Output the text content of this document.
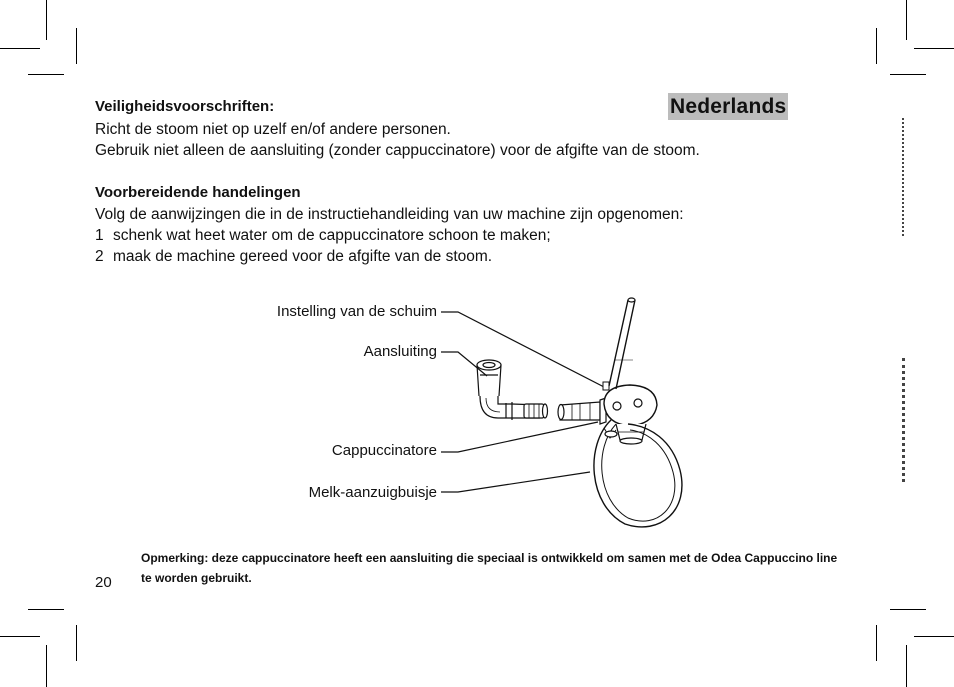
Veiligheidsvoorschriften:	Nederlands

Richt de stoom niet op uzelf en/of andere personen.

Gebruik niet alleen de aansluiting (zonder cappuccinatore) voor de afgifte van de stoom.

Voorbereidende handelingen

Volg de aanwijzingen die in de instructiehandleiding van uw machine zijn opgenomen:

1 schenk wat heet water om de cappuccinatore schoon te maken;

2 maak de machine gereed voor de afgifte van de stoom.

Instelling van de schuim
Aansluiting
Cappuccinatore
Melk-aanzuigbuisje

Opmerking: deze cappuccinatore heeft een aansluiting die speciaal is ontwikkeld om samen met de Odea Cappuccino line te worden gebruikt.

20
